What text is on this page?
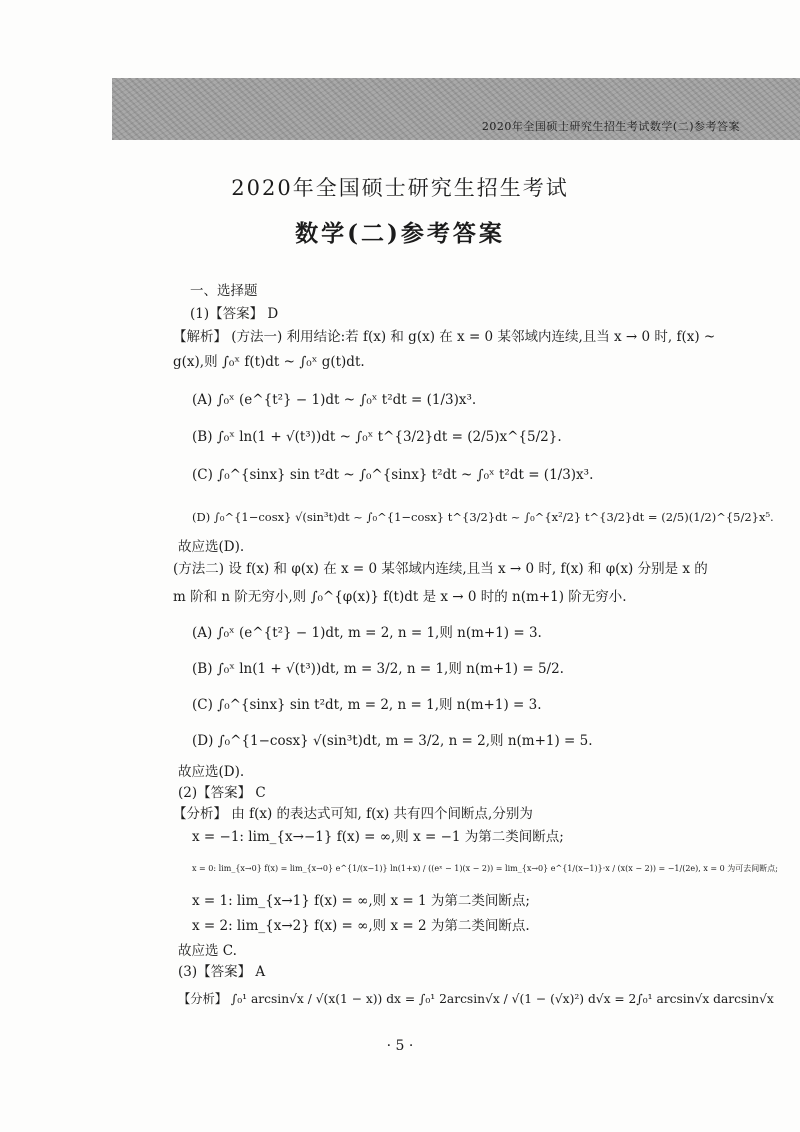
2020年全国硕士研究生招生考试数学(二)参考答案
2020年全国硕士研究生招生考试
数学(二)参考答案
一、选择题
(1)【答案】 D
【解析】 (方法一) 利用结论:若 f(x) 和 g(x) 在 x = 0 某邻域内连续,且当 x → 0 时, f(x) ~
g(x),则 ∫₀ˣ f(t)dt ~ ∫₀ˣ g(t)dt.
(A) ∫₀ˣ (e^{t²} − 1)dt ~ ∫₀ˣ t²dt = (1/3)x³.
(B) ∫₀ˣ ln(1 + √(t³))dt ~ ∫₀ˣ t^{3/2}dt = (2/5)x^{5/2}.
(C) ∫₀^{sinx} sin t²dt ~ ∫₀^{sinx} t²dt ~ ∫₀ˣ t²dt = (1/3)x³.
(D) ∫₀^{1−cosx} √(sin³t)dt ~ ∫₀^{1−cosx} t^{3/2}dt ~ ∫₀^{x²/2} t^{3/2}dt = (2/5)(1/2)^{5/2}x⁵.
故应选(D).
(方法二) 设 f(x) 和 φ(x) 在 x = 0 某邻域内连续,且当 x → 0 时, f(x) 和 φ(x) 分别是 x 的
m 阶和 n 阶无穷小,则 ∫₀^{φ(x)} f(t)dt 是 x → 0 时的 n(m+1) 阶无穷小.
(A) ∫₀ˣ (e^{t²} − 1)dt, m = 2, n = 1,则 n(m+1) = 3.
(B) ∫₀ˣ ln(1 + √(t³))dt, m = 3/2, n = 1,则 n(m+1) = 5/2.
(C) ∫₀^{sinx} sin t²dt, m = 2, n = 1,则 n(m+1) = 3.
(D) ∫₀^{1−cosx} √(sin³t)dt, m = 3/2, n = 2,则 n(m+1) = 5.
故应选(D).
(2)【答案】 C
【分析】 由 f(x) 的表达式可知, f(x) 共有四个间断点,分别为
x = −1: lim_{x→−1} f(x) = ∞,则 x = −1 为第二类间断点;
x = 0: lim_{x→0} f(x) = lim_{x→0} e^{1/(x−1)} ln(1+x) / ((eˣ − 1)(x − 2)) = lim_{x→0} e^{1/(x−1)}·x / (x(x − 2)) = −1/(2e), x = 0 为可去间断点;
x = 1: lim_{x→1} f(x) = ∞,则 x = 1 为第二类间断点;
x = 2: lim_{x→2} f(x) = ∞,则 x = 2 为第二类间断点.
故应选 C.
(3)【答案】 A
【分析】 ∫₀¹ arcsin√x / √(x(1 − x)) dx = ∫₀¹ 2arcsin√x / √(1 − (√x)²) d√x = 2∫₀¹ arcsin√x darcsin√x
· 5 ·
